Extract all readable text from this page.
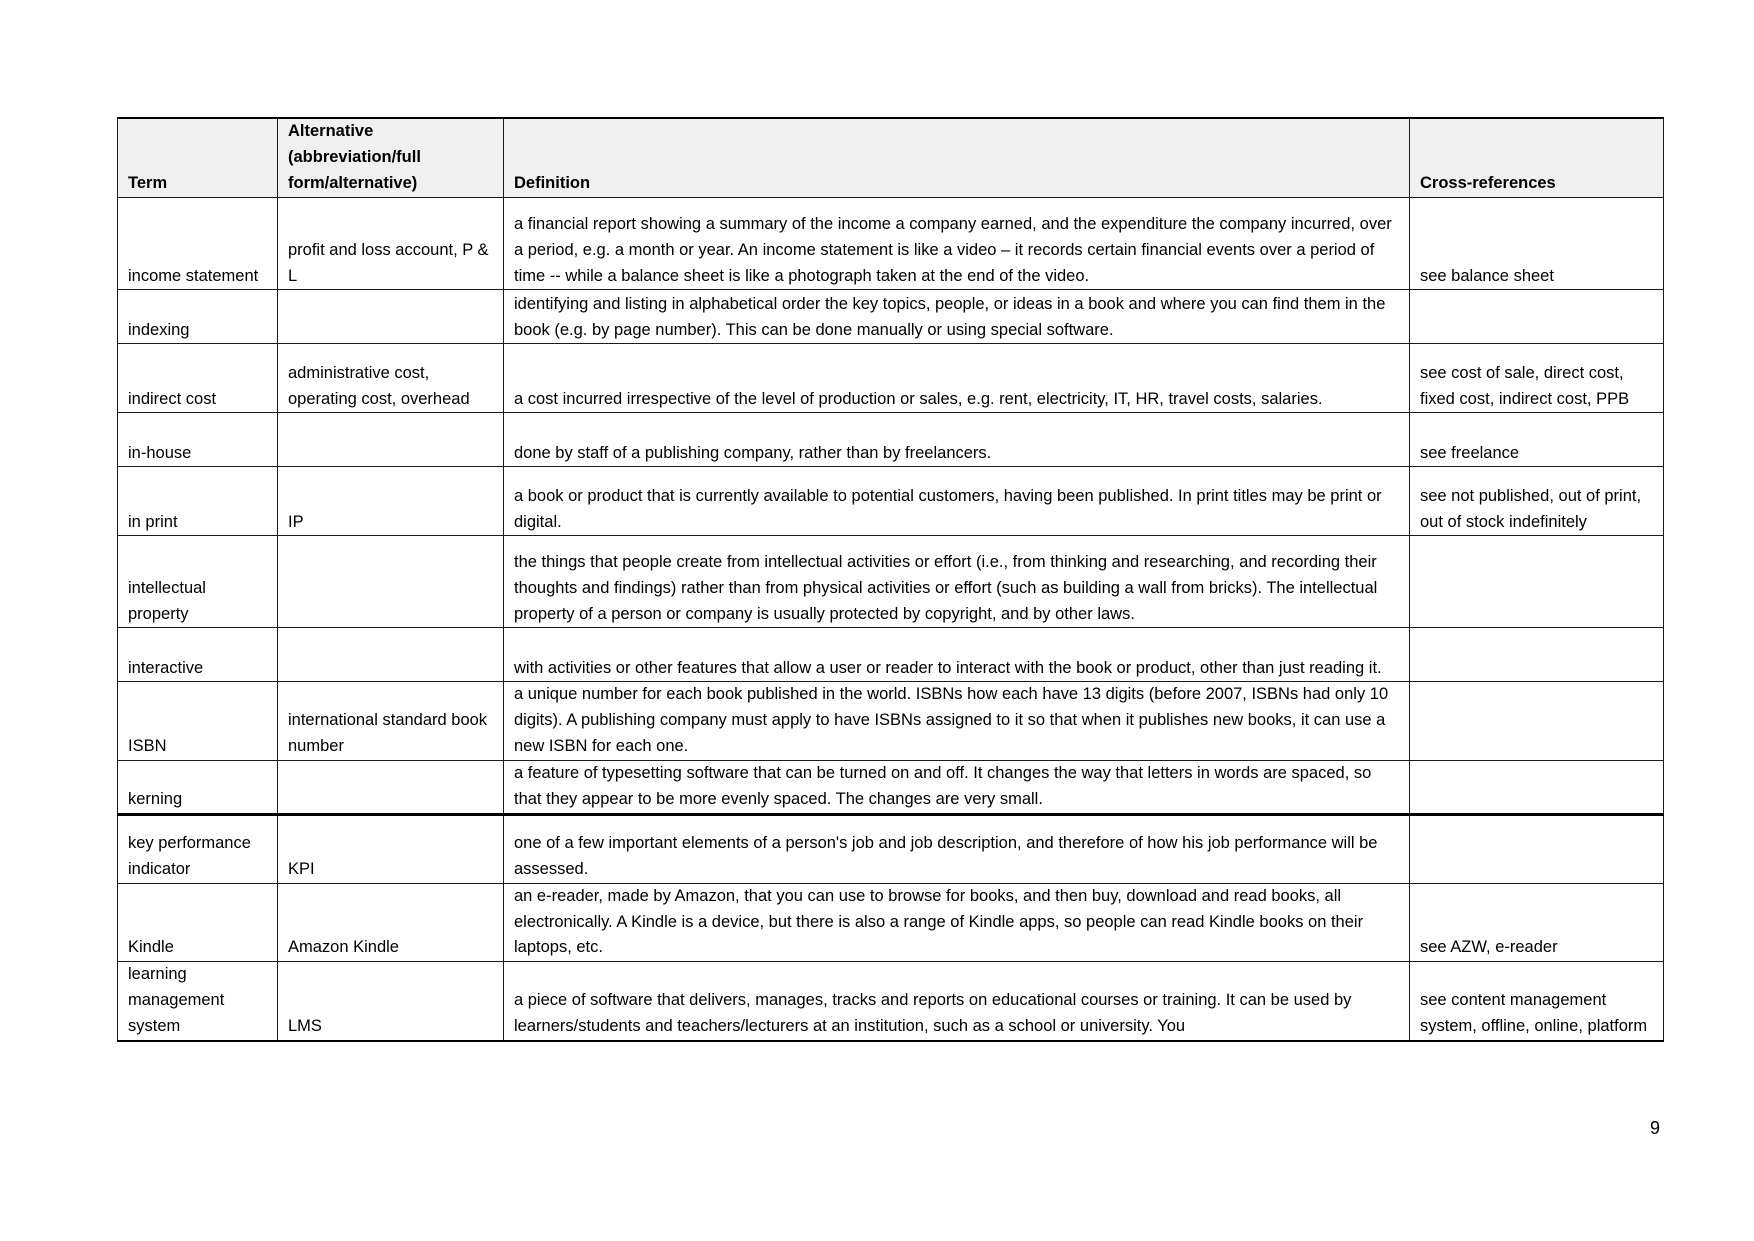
Term	Alternative (abbreviation/full form/alternative)	Definition	Cross-references
income statement	profit and loss account, P & L	a financial report showing a summary of the income a company earned, and the expenditure the company incurred, over a period, e.g. a month or year. An income statement is like a video – it records certain financial events over a period of time -- while a balance sheet is like a photograph taken at the end of the video.	see balance sheet
indexing		identifying and listing in alphabetical order the key topics, people, or ideas in a book and where you can find them in the book (e.g. by page number). This can be done manually or using special software.	
indirect cost	administrative cost, operating cost, overhead	a cost incurred irrespective of the level of production or sales, e.g. rent, electricity, IT, HR, travel costs, salaries.	see cost of sale, direct cost, fixed cost, indirect cost, PPB
in-house		done by staff of a publishing company, rather than by freelancers.	see freelance
in print	IP	a book or product that is currently available to potential customers, having been published. In print titles may be print or digital.	see not published, out of print, out of stock indefinitely
intellectual property		the things that people create from intellectual activities or effort (i.e., from thinking and researching, and recording their thoughts and findings) rather than from physical activities or effort (such as building a wall from bricks). The intellectual property of a person or company is usually protected by copyright, and by other laws.	
interactive		with activities or other features that allow a user or reader to interact with the book or product, other than just reading it.	
ISBN	international standard book number	a unique number for each book published in the world. ISBNs how each have 13 digits (before 2007, ISBNs had only 10 digits). A publishing company must apply to have ISBNs assigned to it so that when it publishes new books, it can use a new ISBN for each one.	
kerning		a feature of typesetting software that can be turned on and off. It changes the way that letters in words are spaced, so that they appear to be more evenly spaced. The changes are very small.	
key performance indicator	KPI	one of a few important elements of a person's job and job description, and therefore of how his job performance will be assessed.	
Kindle	Amazon Kindle	an e-reader, made by Amazon, that you can use to browse for books, and then buy, download and read books, all electronically. A Kindle is a device, but there is also a range of Kindle apps, so people can read Kindle books on their laptops, etc.	see AZW, e-reader
learning management system	LMS	a piece of software that delivers, manages, tracks and reports on educational courses or training. It can be used by learners/students and teachers/lecturers at an institution, such as a school or university. You	see content management system, offline, online, platform
9
